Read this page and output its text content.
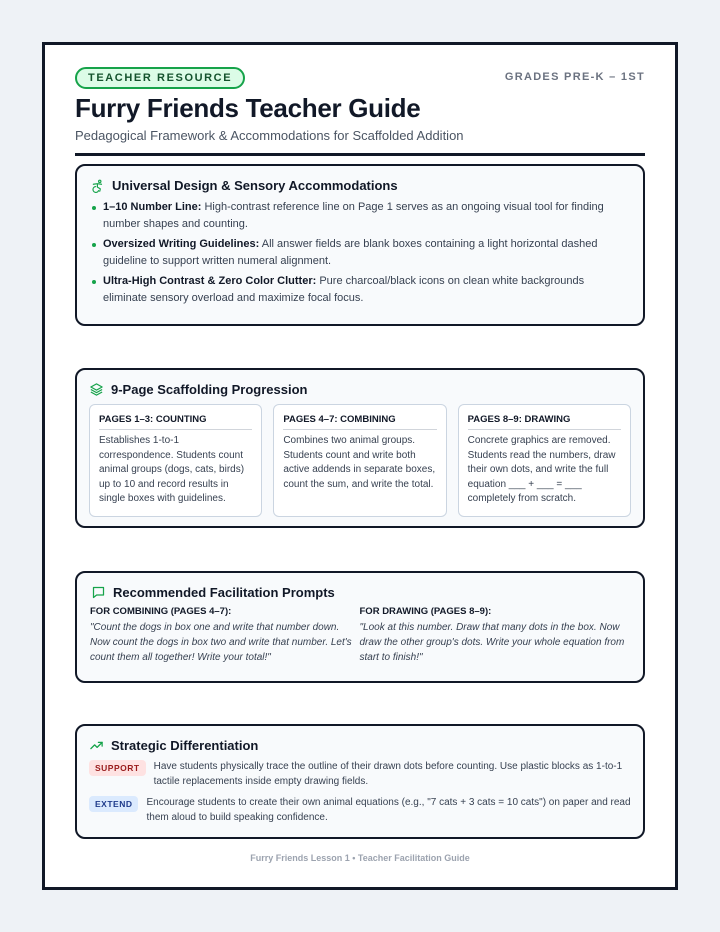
TEACHER RESOURCE	GRADES PRE-K – 1ST
Furry Friends Teacher Guide
Pedagogical Framework & Accommodations for Scaffolded Addition
Universal Design & Sensory Accommodations
1–10 Number Line: High-contrast reference line on Page 1 serves as an ongoing visual tool for finding number shapes and counting.
Oversized Writing Guidelines: All answer fields are blank boxes containing a light horizontal dashed guideline to support written numeral alignment.
Ultra-High Contrast & Zero Color Clutter: Pure charcoal/black icons on clean white backgrounds eliminate sensory overload and maximize focal focus.
9-Page Scaffolding Progression
PAGES 1–3: COUNTING
Establishes 1-to-1 correspondence. Students count animal groups (dogs, cats, birds) up to 10 and record results in single boxes with guidelines.
PAGES 4–7: COMBINING
Combines two animal groups. Students count and write both active addends in separate boxes, count the sum, and write the total.
PAGES 8–9: DRAWING
Concrete graphics are removed. Students read the numbers, draw their own dots, and write the full equation ___ + ___ = ___ completely from scratch.
Recommended Facilitation Prompts
FOR COMBINING (PAGES 4–7):
"Count the dogs in box one and write that number down. Now count the dogs in box two and write that number. Let's count them all together! Write your total!"
FOR DRAWING (PAGES 8–9):
"Look at this number. Draw that many dots in the box. Now draw the other group's dots. Write your whole equation from start to finish!"
Strategic Differentiation
SUPPORT	Have students physically trace the outline of their drawn dots before counting. Use plastic blocks as 1-to-1 tactile replacements inside empty drawing fields.
EXTEND	Encourage students to create their own animal equations (e.g., "7 cats + 3 cats = 10 cats") on paper and read them aloud to build speaking confidence.
Furry Friends Lesson 1 • Teacher Facilitation Guide
